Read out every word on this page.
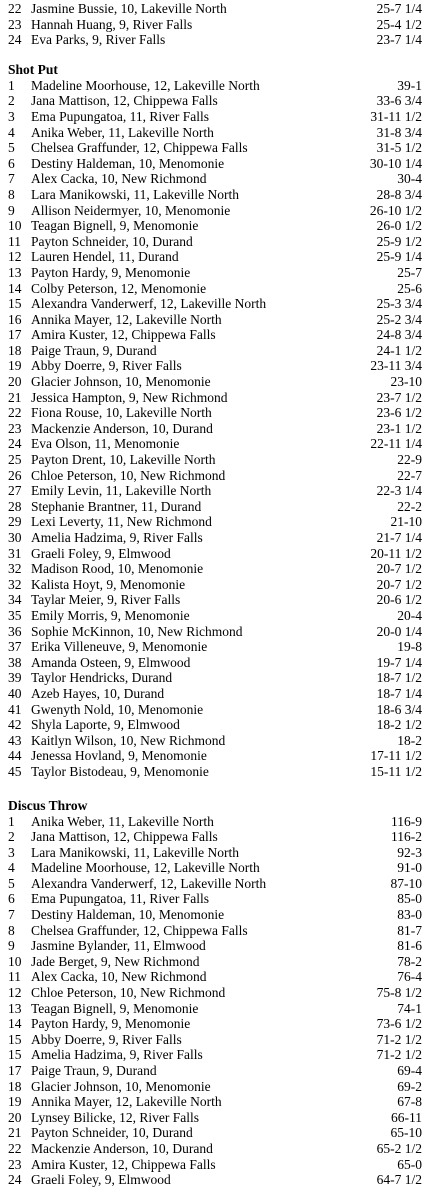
22 Jasmine Bussie, 10, Lakeville North	25-7 1/4
23 Hannah Huang, 9, River Falls	25-4 1/2
24 Eva Parks, 9, River Falls	23-7 1/4
Shot Put
1 Madeline Moorhouse, 12, Lakeville North	39-1
2 Jana Mattison, 12, Chippewa Falls	33-6 3/4
3 Ema Pupungatoa, 11, River Falls	31-11 1/2
4 Anika Weber, 11, Lakeville North	31-8 3/4
5 Chelsea Graffunder, 12, Chippewa Falls	31-5 1/2
6 Destiny Haldeman, 10, Menomonie	30-10 1/4
7 Alex Cacka, 10, New Richmond	30-4
8 Lara Manikowski, 11, Lakeville North	28-8 3/4
9 Allison Neidermyer, 10, Menomonie	26-10 1/2
10 Teagan Bignell, 9, Menomonie	26-0 1/2
11 Payton Schneider, 10, Durand	25-9 1/2
12 Lauren Hendel, 11, Durand	25-9 1/4
13 Payton Hardy, 9, Menomonie	25-7
14 Colby Peterson, 12, Menomonie	25-6
15 Alexandra Vanderwerf, 12, Lakeville North	25-3 3/4
16 Annika Mayer, 12, Lakeville North	25-2 3/4
17 Amira Kuster, 12, Chippewa Falls	24-8 3/4
18 Paige Traun, 9, Durand	24-1 1/2
19 Abby Doerre, 9, River Falls	23-11 3/4
20 Glacier Johnson, 10, Menomonie	23-10
21 Jessica Hampton, 9, New Richmond	23-7 1/2
22 Fiona Rouse, 10, Lakeville North	23-6 1/2
23 Mackenzie Anderson, 10, Durand	23-1 1/2
24 Eva Olson, 11, Menomonie	22-11 1/4
25 Payton Drent, 10, Lakeville North	22-9
26 Chloe Peterson, 10, New Richmond	22-7
27 Emily Levin, 11, Lakeville North	22-3 1/4
28 Stephanie Brantner, 11, Durand	22-2
29 Lexi Leverty, 11, New Richmond	21-10
30 Amelia Hadzima, 9, River Falls	21-7 1/4
31 Graeli Foley, 9, Elmwood	20-11 1/2
32 Madison Rood, 10, Menomonie	20-7 1/2
32 Kalista Hoyt, 9, Menomonie	20-7 1/2
34 Taylar Meier, 9, River Falls	20-6 1/2
35 Emily Morris, 9, Menomonie	20-4
36 Sophie McKinnon, 10, New Richmond	20-0 1/4
37 Erika Villeneuve, 9, Menomonie	19-8
38 Amanda Osteen, 9, Elmwood	19-7 1/4
39 Taylor Hendricks, Durand	18-7 1/2
40 Azeb Hayes, 10, Durand	18-7 1/4
41 Gwenyth Nold, 10, Menomonie	18-6 3/4
42 Shyla Laporte, 9, Elmwood	18-2 1/2
43 Kaitlyn Wilson, 10, New Richmond	18-2
44 Jenessa Hovland, 9, Menomonie	17-11 1/2
45 Taylor Bistodeau, 9, Menomonie	15-11 1/2
Discus Throw
1 Anika Weber, 11, Lakeville North	116-9
2 Jana Mattison, 12, Chippewa Falls	116-2
3 Lara Manikowski, 11, Lakeville North	92-3
4 Madeline Moorhouse, 12, Lakeville North	91-0
5 Alexandra Vanderwerf, 12, Lakeville North	87-10
6 Ema Pupungatoa, 11, River Falls	85-0
7 Destiny Haldeman, 10, Menomonie	83-0
8 Chelsea Graffunder, 12, Chippewa Falls	81-7
9 Jasmine Bylander, 11, Elmwood	81-6
10 Jade Berget, 9, New Richmond	78-2
11 Alex Cacka, 10, New Richmond	76-4
12 Chloe Peterson, 10, New Richmond	75-8 1/2
13 Teagan Bignell, 9, Menomonie	74-1
14 Payton Hardy, 9, Menomonie	73-6 1/2
15 Abby Doerre, 9, River Falls	71-2 1/2
15 Amelia Hadzima, 9, River Falls	71-2 1/2
17 Paige Traun, 9, Durand	69-4
18 Glacier Johnson, 10, Menomonie	69-2
19 Annika Mayer, 12, Lakeville North	67-8
20 Lynsey Bilicke, 12, River Falls	66-11
21 Payton Schneider, 10, Durand	65-10
22 Mackenzie Anderson, 10, Durand	65-2 1/2
23 Amira Kuster, 12, Chippewa Falls	65-0
24 Graeli Foley, 9, Elmwood	64-7 1/2
